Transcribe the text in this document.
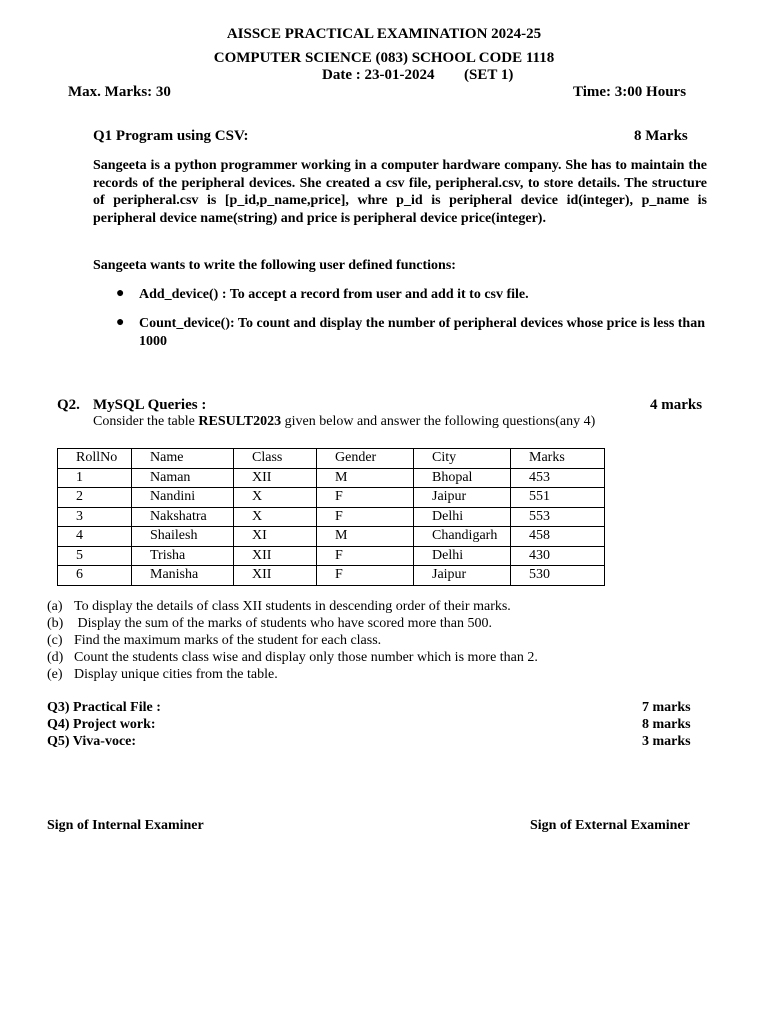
AISSCE PRACTICAL EXAMINATION 2024-25
COMPUTER SCIENCE (083) SCHOOL CODE 1118
Date : 23-01-2024 (SET 1)
Max. Marks: 30	Time: 3:00 Hours
Q1 Program using CSV:	8 Marks
Sangeeta is a python programmer working in a computer hardware company. She has to maintain the records of the peripheral devices. She created a csv file, peripheral.csv, to store details. The structure of peripheral.csv is [p_id,p_name,price], whre p_id is peripheral device id(integer), p_name is peripheral device name(string) and price is peripheral device price(integer).
Sangeeta wants to write the following user defined functions:
● Add_device() : To accept a record from user and add it to csv file.
● Count_device(): To count and display the number of peripheral devices whose price is less than 1000
Q2. MySQL Queries :	4 marks
Consider the table RESULT2023 given below and answer the following questions(any 4)
RollNo	Name	Class	Gender	City	Marks
1	Naman	XII	M	Bhopal	453
2	Nandini	X	F	Jaipur	551
3	Nakshatra	X	F	Delhi	553
4	Shailesh	XI	M	Chandigarh	458
5	Trisha	XII	F	Delhi	430
6	Manisha	XII	F	Jaipur	530
(a) To display the details of class XII students in descending order of their marks.
(b) Display the sum of the marks of students who have scored more than 500.
(c) Find the maximum marks of the student for each class.
(d) Count the students class wise and display only those number which is more than 2.
(e) Display unique cities from the table.
Q3) Practical File :	7 marks
Q4) Project work:	8 marks
Q5) Viva-voce:	3 marks
Sign of Internal Examiner	Sign of External Examiner
